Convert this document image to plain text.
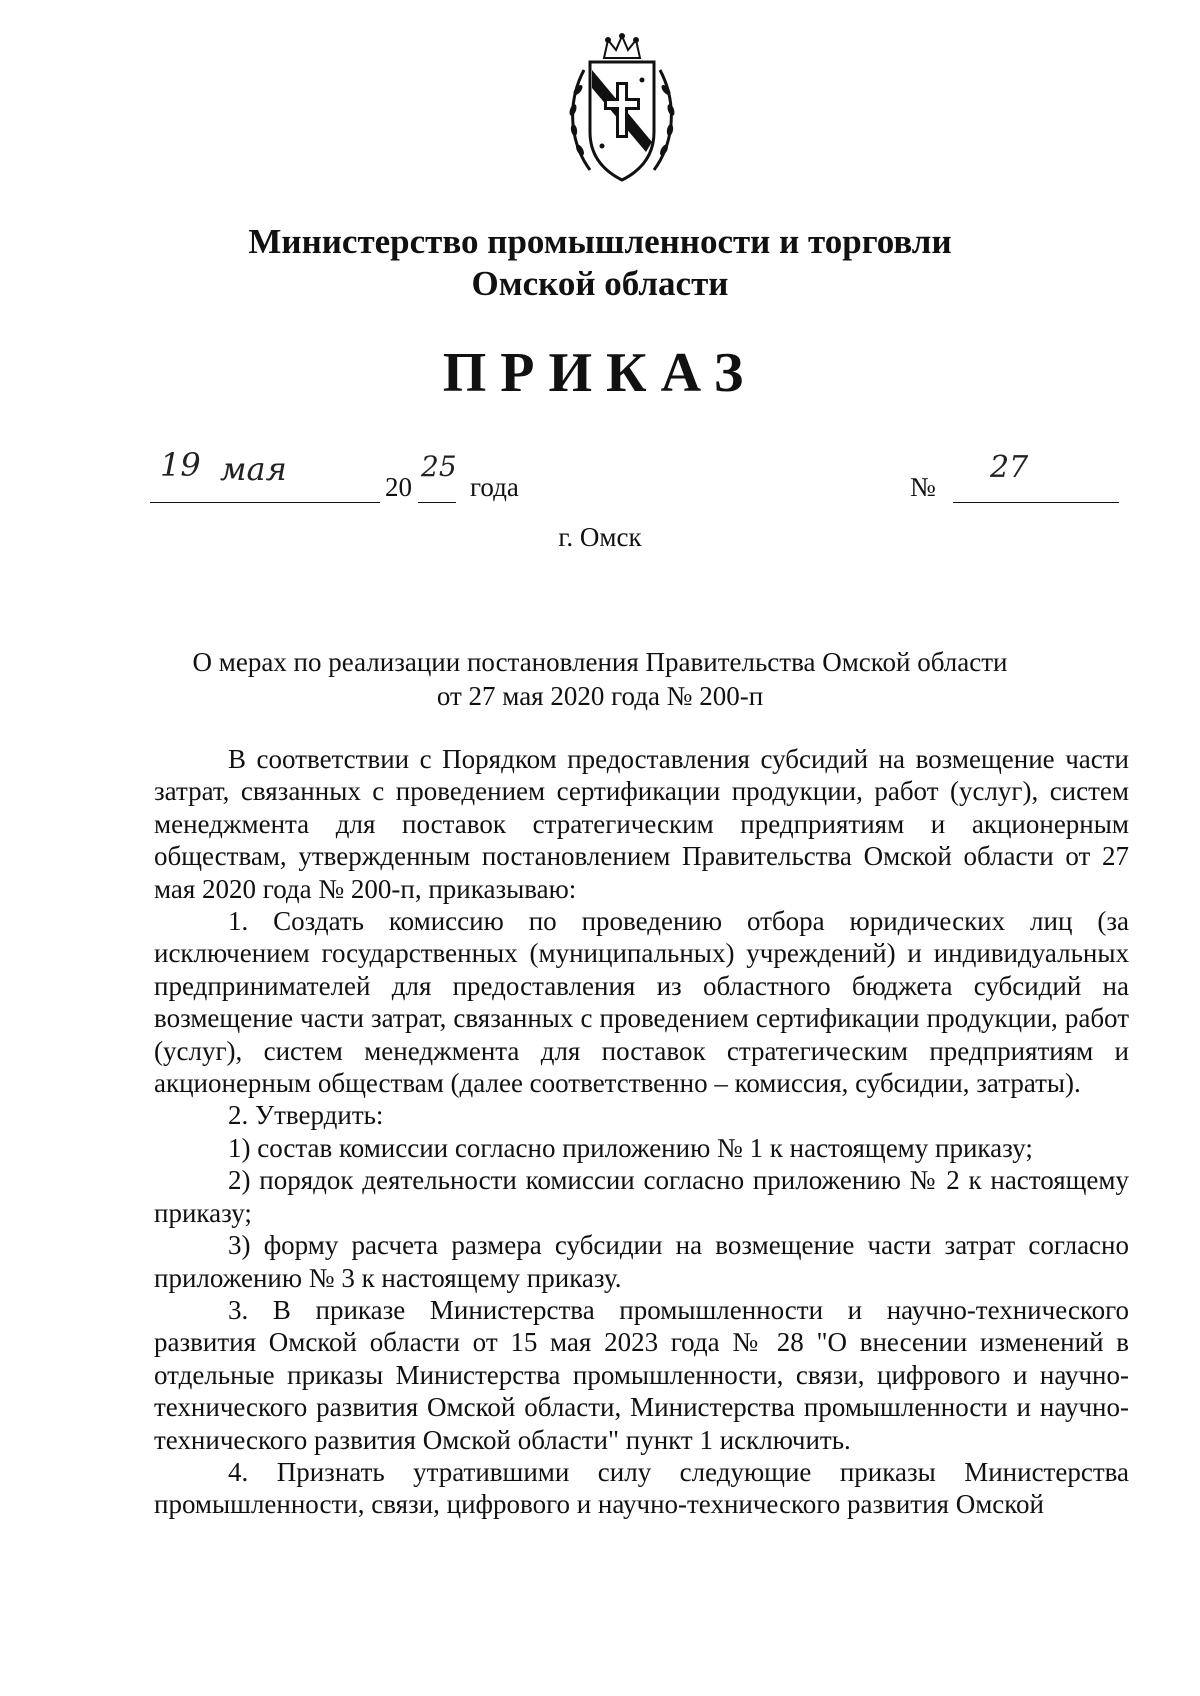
Министерство промышленности и торговли
Омской области
ПРИКАЗ
19 мая	20
25
года	№
27
г. Омск
О мерах по реализации постановления Правительства Омской области
от 27 мая 2020 года № 200-п

В соответствии с Порядком предоставления субсидий на возмещение части затрат, связанных с проведением сертификации продукции, работ (услуг), систем менеджмента для поставок стратегическим предприятиям и акционерным обществам, утвержденным постановлением Правительства Омской области от 27 мая 2020 года № 200-п, приказываю:

1. Создать комиссию по проведению отбора юридических лиц (за исключением государственных (муниципальных) учреждений) и индивидуальных предпринимателей для предоставления из областного бюджета субсидий на возмещение части затрат, связанных с проведением сертификации продукции, работ (услуг), систем менеджмента для поставок стратегическим предприятиям и акционерным обществам (далее соответственно – комиссия, субсидии, затраты).

2. Утвердить:

1) состав комиссии согласно приложению № 1 к настоящему приказу;

2) порядок деятельности комиссии согласно приложению № 2 к настоящему приказу;

3) форму расчета размера субсидии на возмещение части затрат согласно приложению № 3 к настоящему приказу.

3. В приказе Министерства промышленности и научно-технического развития Омской области от 15 мая 2023 года № 28 "О внесении изменений в отдельные приказы Министерства промышленности, связи, цифрового и научно-технического развития Омской области, Министерства промышленности и научно-технического развития Омской области" пункт 1 исключить.

4. Признать утратившими силу следующие приказы Министерства промышленности, связи, цифрового и научно-технического развития Омской
